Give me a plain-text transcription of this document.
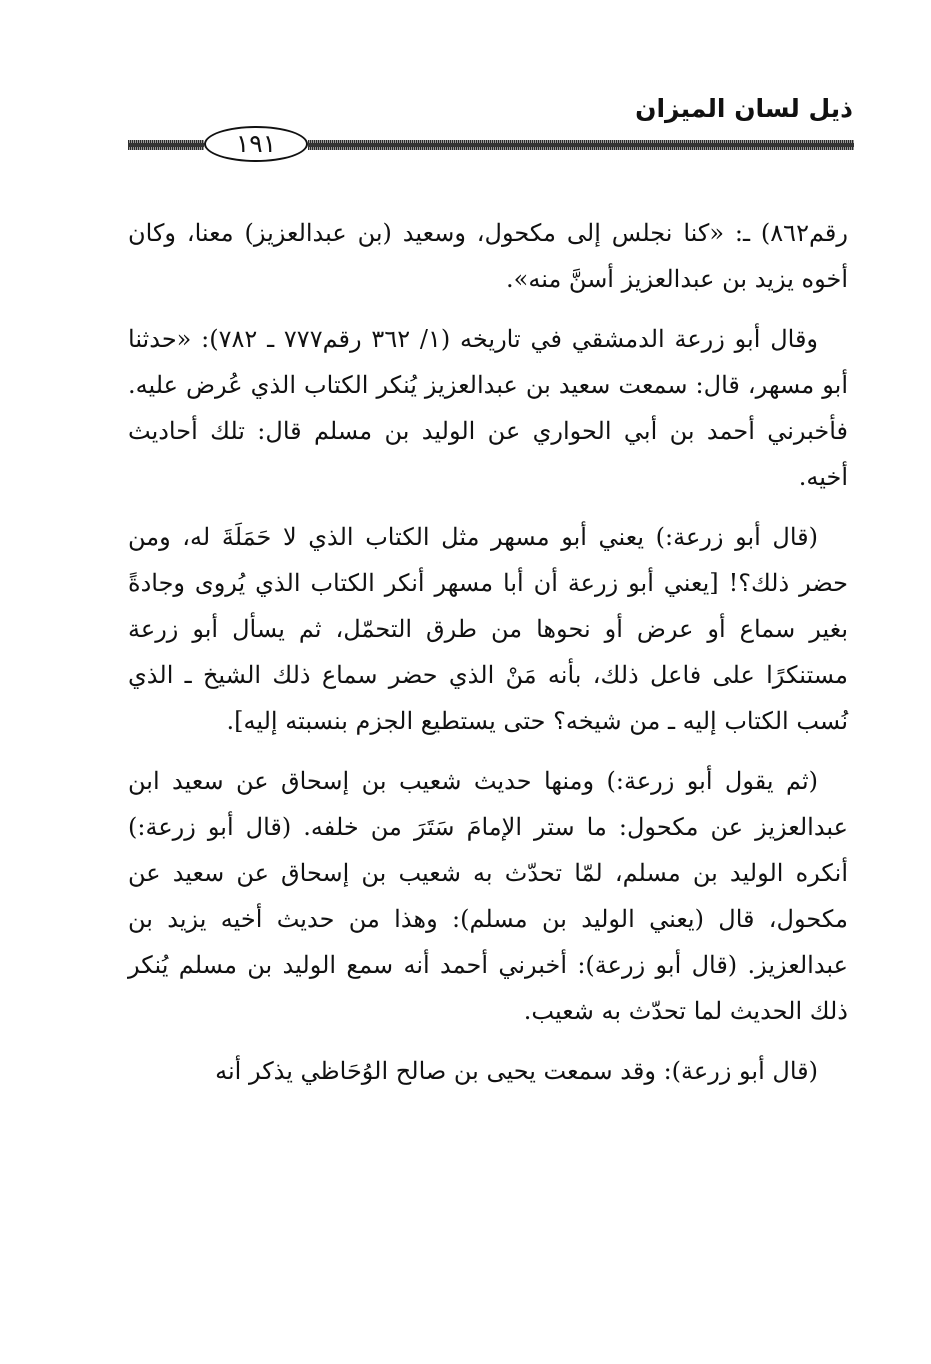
ذيل لسان الميزان
١٩١

رقم٨٦٢) ـ: «كنا نجلس إلى مكحول، وسعيد (بن عبدالعزيز) معنا، وكان أخوه يزيد بن عبدالعزيز أسنَّ منه».

وقال أبو زرعة الدمشقي في تاريخه (١/ ٣٦٢ رقم٧٧٧ ـ ٧٨٢): «حدثنا أبو مسهر، قال: سمعت سعيد بن عبدالعزيز يُنكر الكتاب الذي عُرض عليه. فأخبرني أحمد بن أبي الحواري عن الوليد بن مسلم قال: تلك أحاديث أخيه.

(قال أبو زرعة:) يعني أبو مسهر مثل الكتاب الذي لا حَمَلَةَ له، ومن حضر ذلك؟! [يعني أبو زرعة أن أبا مسهر أنكر الكتاب الذي يُروى وجادةً بغير سماع أو عرض أو نحوها من طرق التحمّل، ثم يسأل أبو زرعة مستنكرًا على فاعل ذلك، بأنه مَنْ الذي حضر سماع ذلك الشيخ ـ الذي نُسب الكتاب إليه ـ من شيخه؟ حتى يستطيع الجزم بنسبته إليه].

(ثم يقول أبو زرعة:) ومنها حديث شعيب بن إسحاق عن سعيد ابن عبدالعزيز عن مكحول: ما ستر الإمامَ سَتَرَ من خلفه. (قال أبو زرعة:) أنكره الوليد بن مسلم، لمّا تحدّث به شعيب بن إسحاق عن سعيد عن مكحول، قال (يعني الوليد بن مسلم): وهذا من حديث أخيه يزيد بن عبدالعزيز. (قال أبو زرعة): أخبرني أحمد أنه سمع الوليد بن مسلم يُنكر ذلك الحديث لما تحدّث به شعيب.

(قال أبو زرعة): وقد سمعت يحيى بن صالح الوُحَاظي يذكر أنه
